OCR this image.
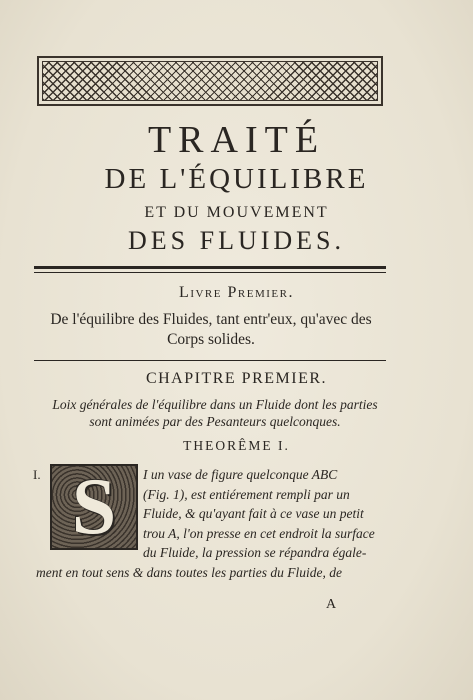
TRAITÉ
DE L'ÉQUILIBRE
ET DU MOUVEMENT
DES FLUIDES.
Livre Premier.
De l'équilibre des Fluides, tant entr'eux, qu'avec des Corps solides.
CHAPITRE PREMIER.
Loix générales de l'équilibre dans un Fluide dont les parties sont animées par des Pesanteurs quelconques.
THEORÊME I.
I. S I un vase de figure quelconque ABC
(Fig. 1), est entiérement rempli par un
Fluide, & qu'ayant fait à ce vase un petit
trou A, l'on presse en cet endroit la surface
du Fluide, la pression se répandra égale-
ment en tout sens & dans toutes les parties du Fluide, de
A
